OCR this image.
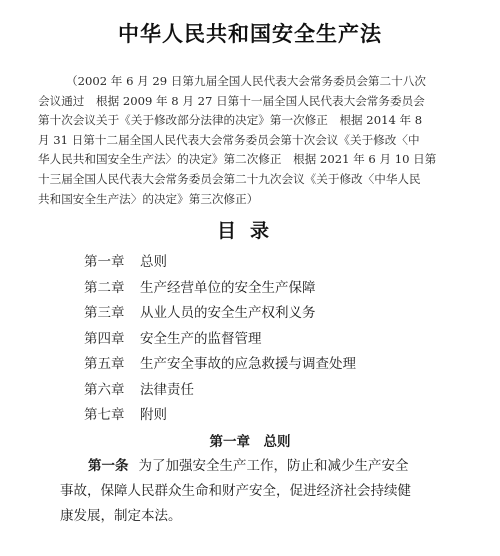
中华人民共和国安全生产法
（2002 年 6 月 29 日第九届全国人民代表大会常务委员会第二十八次
会议通过　根据 2009 年 8 月 27 日第十一届全国人民代表大会常务委员会
第十次会议关于《关于修改部分法律的决定》第一次修正　根据 2014 年 8
月 31 日第十二届全国人民代表大会常务委员会第十次会议《关于修改〈中
华人民共和国安全生产法〉的决定》第二次修正　根据 2021 年 6 月 10 日第
十三届全国人民代表大会常务委员会第二十九次会议《关于修改〈中华人民
共和国安全生产法〉的决定》第三次修正）
目录
第一章 总则
第二章 生产经营单位的安全生产保障
第三章 从业人员的安全生产权利义务
第四章 安全生产的监督管理
第五章 生产安全事故的应急救援与调查处理
第六章 法律责任
第七章 附则
第一章　总则
第一条 为了加强安全生产工作，防止和减少生产安全
事故，保障人民群众生命和财产安全，促进经济社会持续健
康发展，制定本法。
